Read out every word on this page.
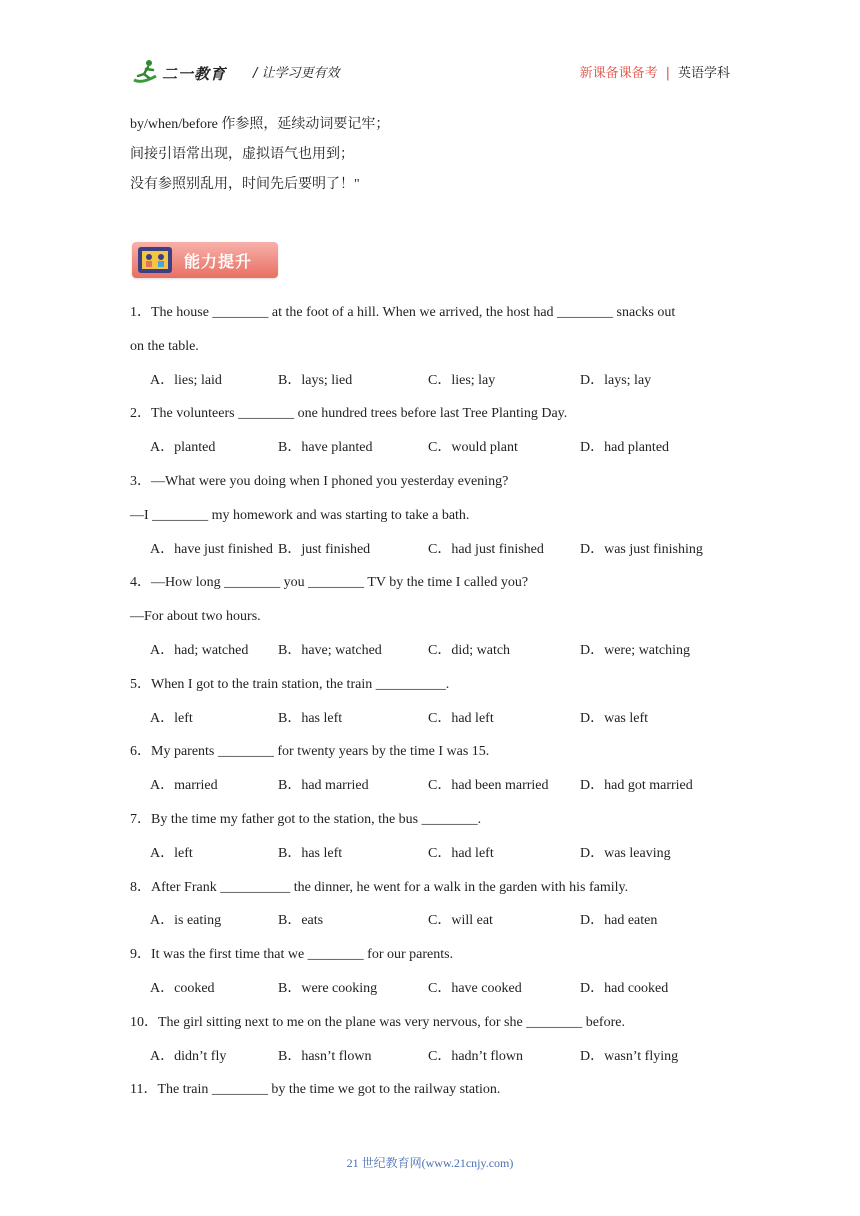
二一教育 / 让学习更有效	新课备课备考 | 英语学科

by/when/before 作参照，延续动词要记牢；

间接引语常出现，虚拟语气也用到；

没有参照别乱用，时间先后要明了！"

能力提升
1．The house ________ at the foot of a hill. When we arrived, the host had ________ snacks out
on the table.
A．lies; laid	B．lays; lied	C．lies; lay	D．lays; lay
2．The volunteers ________ one hundred trees before last Tree Planting Day.
A．planted	B．have planted	C．would plant	D．had planted
3．—What were you doing when I phoned you yesterday evening?
—I ________ my homework and was starting to take a bath.
A．have just finished B．just finished	C．had just finished	D．was just finishing
4．—How long ________ you ________ TV by the time I called you?
—For about two hours.
A．had; watched B．have; watched	C．did; watch	D．were; watching
5．When I got to the train station, the train __________.
A．left	B．has left	C．had left	D．was left
6．My parents ________ for twenty years by the time I was 15.
A．married	B．had married	C．had been married D．had got married
7．By the time my father got to the station, the bus ________.
A．left	B．has left	C．had left	D．was leaving
8．After Frank __________ the dinner, he went for a walk in the garden with his family.
A．is eating	B．eats	C．will eat	D．had eaten
9．It was the first time that we ________ for our parents.
A．cooked	B．were cooking	C．have cooked	D．had cooked
10．The girl sitting next to me on the plane was very nervous, for she ________ before.
A．didn’t fly	B．hasn’t flown	C．hadn’t flown	D．wasn’t flying
11．The train ________ by the time we got to the railway station.
21 世纪教育网(www.21cnjy.com)
